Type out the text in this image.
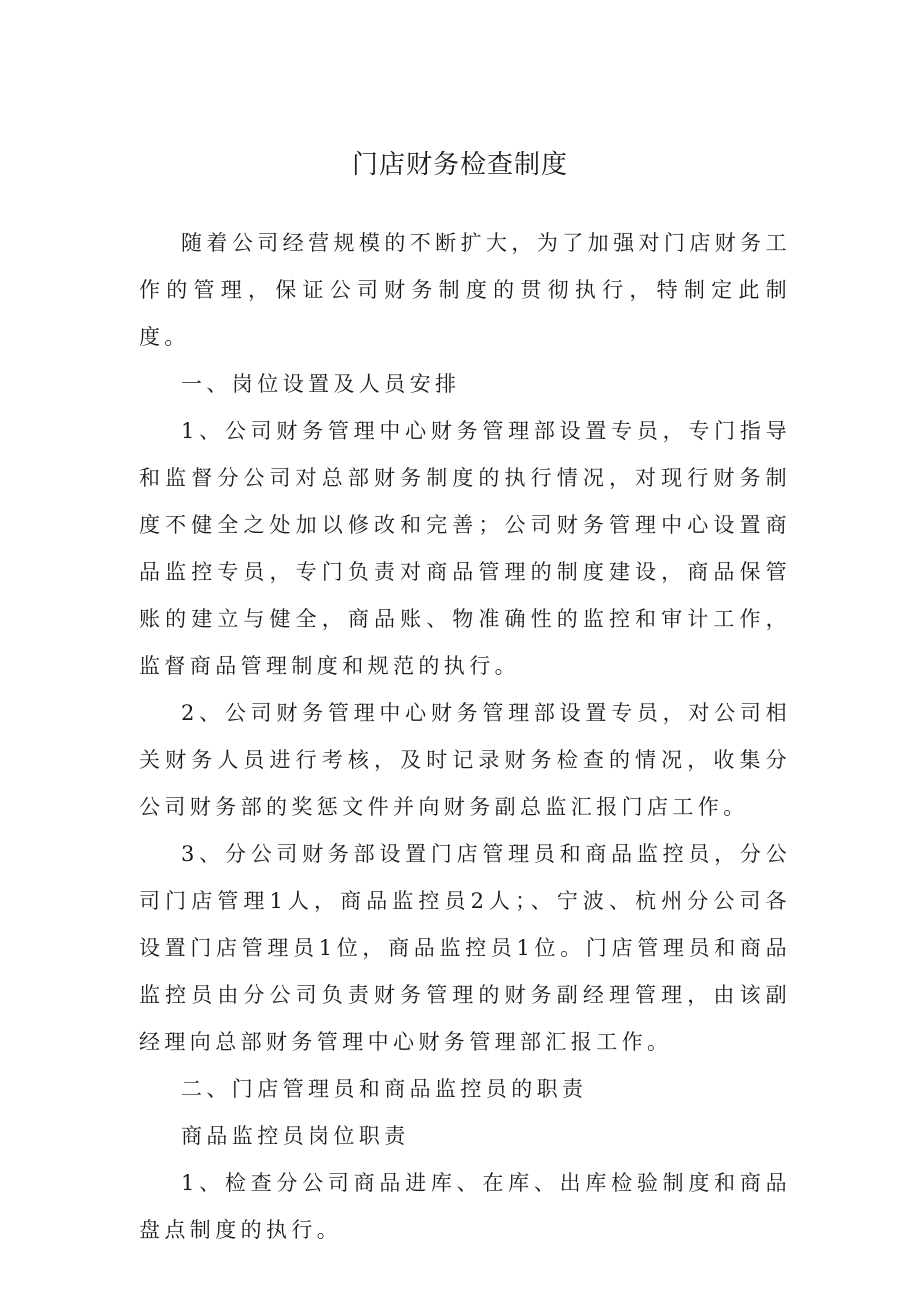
门店财务检查制度

随着公司经营规模的不断扩大，为了加强对门店财务工作的管理，保证公司财务制度的贯彻执行，特制定此制度。

一、岗位设置及人员安排

1、公司财务管理中心财务管理部设置专员，专门指导和监督分公司对总部财务制度的执行情况，对现行财务制度不健全之处加以修改和完善；公司财务管理中心设置商品监控专员，专门负责对商品管理的制度建设，商品保管账的建立与健全，商品账、物准确性的监控和审计工作，监督商品管理制度和规范的执行。

2、公司财务管理中心财务管理部设置专员，对公司相关财务人员进行考核，及时记录财务检查的情况，收集分公司财务部的奖惩文件并向财务副总监汇报门店工作。

3、分公司财务部设置门店管理员和商品监控员，分公司门店管理1人，商品监控员2人；、宁波、杭州分公司各设置门店管理员1位，商品监控员1位。门店管理员和商品监控员由分公司负责财务管理的财务副经理管理，由该副经理向总部财务管理中心财务管理部汇报工作。

二、门店管理员和商品监控员的职责

商品监控员岗位职责

1、检查分公司商品进库、在库、出库检验制度和商品盘点制度的执行。
